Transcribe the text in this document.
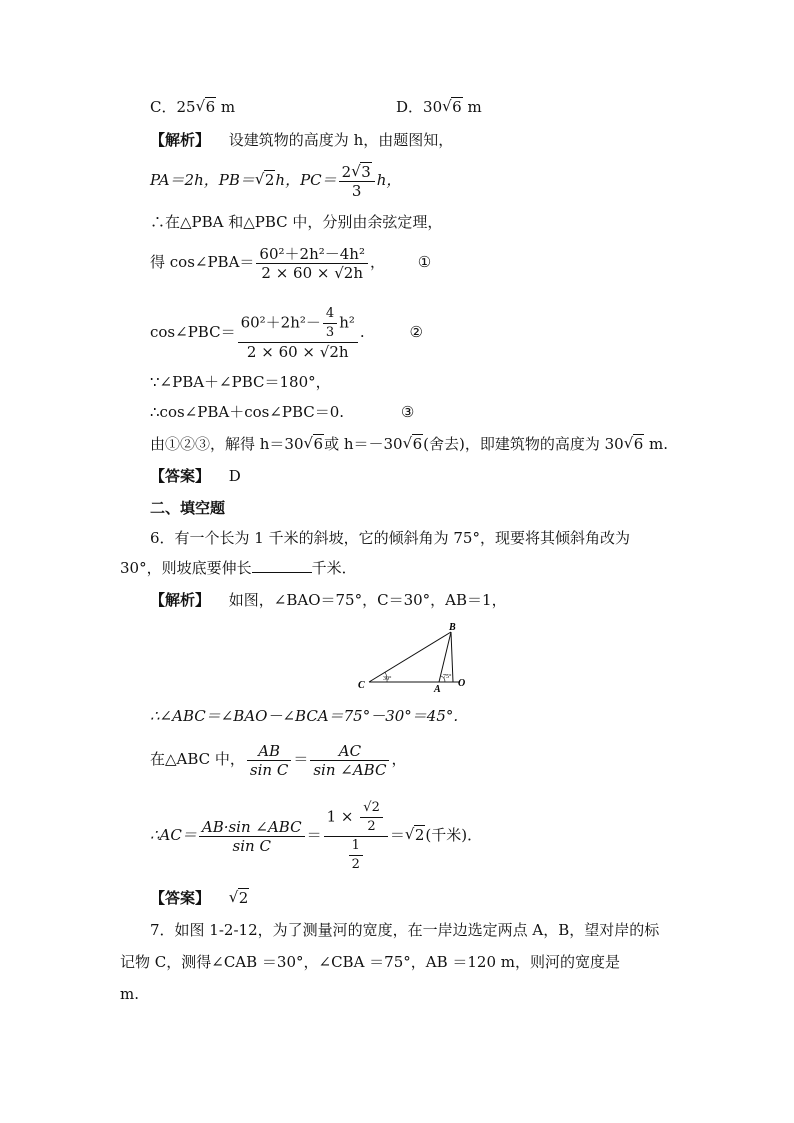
C．25 √ 6 m	D．30 √ 6 m
【解析】 设建筑物的高度为 h，由题图知，
PA＝2h，PB＝ √ 2h，$PC= \frac{2 √ 3}{3}$ h，
∴在△PBA 和△PBC 中，分别由余弦定理，
得 cos∠PBA＝ $\frac{\text{60²＋2h²－4h²}}{2 \times 60 \times √2h}$ ， ①
cos∠PBC＝ $\frac{60^2+2h^2- \frac{4}{3} h^2}{2 \times 60 \times √2h}$ .	②
∵∠PBA＋∠PBC＝180°，
∴cos∠PBA＋cos∠PBC＝0.	③
由①②③，解得 h＝30 √ 6或 h＝－30 √ 6(舍去)，即建筑物的高度为 30 √ 6 m.
【答案】 D
二、填空题
6．有一个长为 1 千米的斜坡，它的倾斜角为 75°，现要将其倾斜角改为
30°，则坡底要伸长	千米．
【解析】 如图，∠BAO＝75°，C＝30°，AB＝1，
C
B
A
O
30°	75°
∴∠ABC＝∠BAO－∠BCA＝75°－30°＝45°.
在△ABC 中， $\frac{AB}{\text{sin C}} = \frac{AC}{\text{sin ∠ABC}}$ ，
∴AC＝ $\frac{\text{AB·sin ∠ABC}}{\text{sin C}} = \frac{1 \times \frac{√2}{2}}{\frac{1}{2}}$ ＝ √ 2(千米)．
【答案】 √ 2
7．如图 1-2-12，为了测量河的宽度，在一岸边选定两点 A，B，望对岸的标
记物 C，测得∠CAB ＝30°，∠CBA ＝75°，AB ＝120 m，则河的宽度是
m.
